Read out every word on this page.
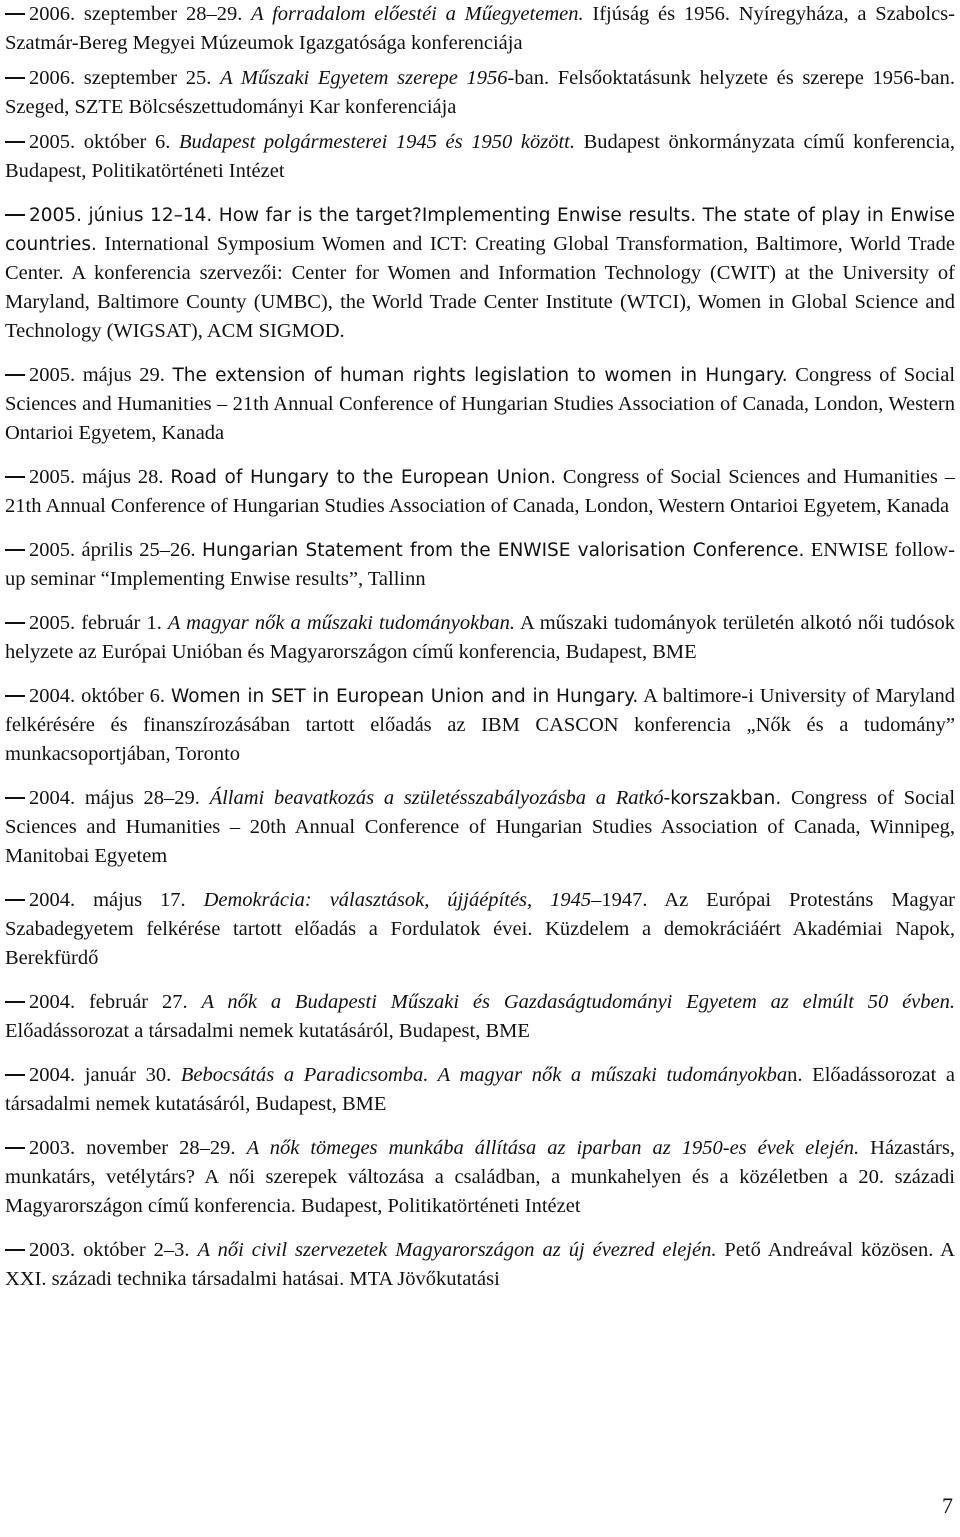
2006. szeptember 28–29. A forradalom előestéi a Műegyetemen. Ifjúság és 1956. Nyíregyháza, a Szabolcs-Szatmár-Bereg Megyei Múzeumok Igazgatósága konferenciája

2006. szeptember 25. A Műszaki Egyetem szerepe 1956-ban. Felsőoktatásunk helyzete és szerepe 1956-ban. Szeged, SZTE Bölcsészettudományi Kar konferenciája

2005. október 6. Budapest polgármesterei 1945 és 1950 között. Budapest önkormányzata című konferencia, Budapest, Politikatörténeti Intézet

2005. június 12–14. How far is the target?Implementing Enwise results. The state of play in Enwise countries. International Symposium Women and ICT: Creating Global Transformation, Baltimore, World Trade Center. A konferencia szervezői: Center for Women and Information Technology (CWIT) at the University of Maryland, Baltimore County (UMBC), the World Trade Center Institute (WTCI), Women in Global Science and Technology (WIGSAT), ACM SIGMOD.

2005. május 29. The extension of human rights legislation to women in Hungary. Congress of Social Sciences and Humanities – 21th Annual Conference of Hungarian Studies Association of Canada, London, Western Ontarioi Egyetem, Kanada

2005. május 28. Road of Hungary to the European Union. Congress of Social Sciences and Humanities – 21th Annual Conference of Hungarian Studies Association of Canada, London, Western Ontarioi Egyetem, Kanada

2005. április 25–26. Hungarian Statement from the ENWISE valorisation Conference. ENWISE follow-up seminar “Implementing Enwise results”, Tallinn

2005. február 1. A magyar nők a műszaki tudományokban. A műszaki tudományok területén alkotó női tudósok helyzete az Európai Unióban és Magyarországon című konferencia, Budapest, BME

2004. október 6. Women in SET in European Union and in Hungary. A baltimore-i University of Maryland felkérésére és finanszírozásában tartott előadás az IBM CASCON konferencia „Nők és a tudomány” munkacsoportjában, Toronto

2004. május 28–29. Állami beavatkozás a születésszabályozásba a Ratkó-korszakban. Congress of Social Sciences and Humanities – 20th Annual Conference of Hungarian Studies Association of Canada, Winnipeg, Manitobai Egyetem

2004. május 17. Demokrácia: választások, újjáépítés, 1945–1947. Az Európai Protestáns Magyar Szabadegyetem felkérése tartott előadás a Fordulatok évei. Küzdelem a demokráciáért Akadémiai Napok, Berekfürdő

2004. február 27. A nők a Budapesti Műszaki és Gazdaságtudományi Egyetem az elmúlt 50 évben. Előadássorozat a társadalmi nemek kutatásáról, Budapest, BME

2004. január 30. Bebocsátás a Paradicsomba. A magyar nők a műszaki tudományokban. Előadássorozat a társadalmi nemek kutatásáról, Budapest, BME

2003. november 28–29. A nők tömeges munkába állítása az iparban az 1950-es évek elején. Házastárs, munkatárs, vetélytárs? A női szerepek változása a családban, a munkahelyen és a közéletben a 20. századi Magyarországon című konferencia. Budapest, Politikatörténeti Intézet

2003. október 2–3. A női civil szervezetek Magyarországon az új évezred elején. Pető Andreával közösen. A XXI. századi technika társadalmi hatásai. MTA Jövőkutatási

7
